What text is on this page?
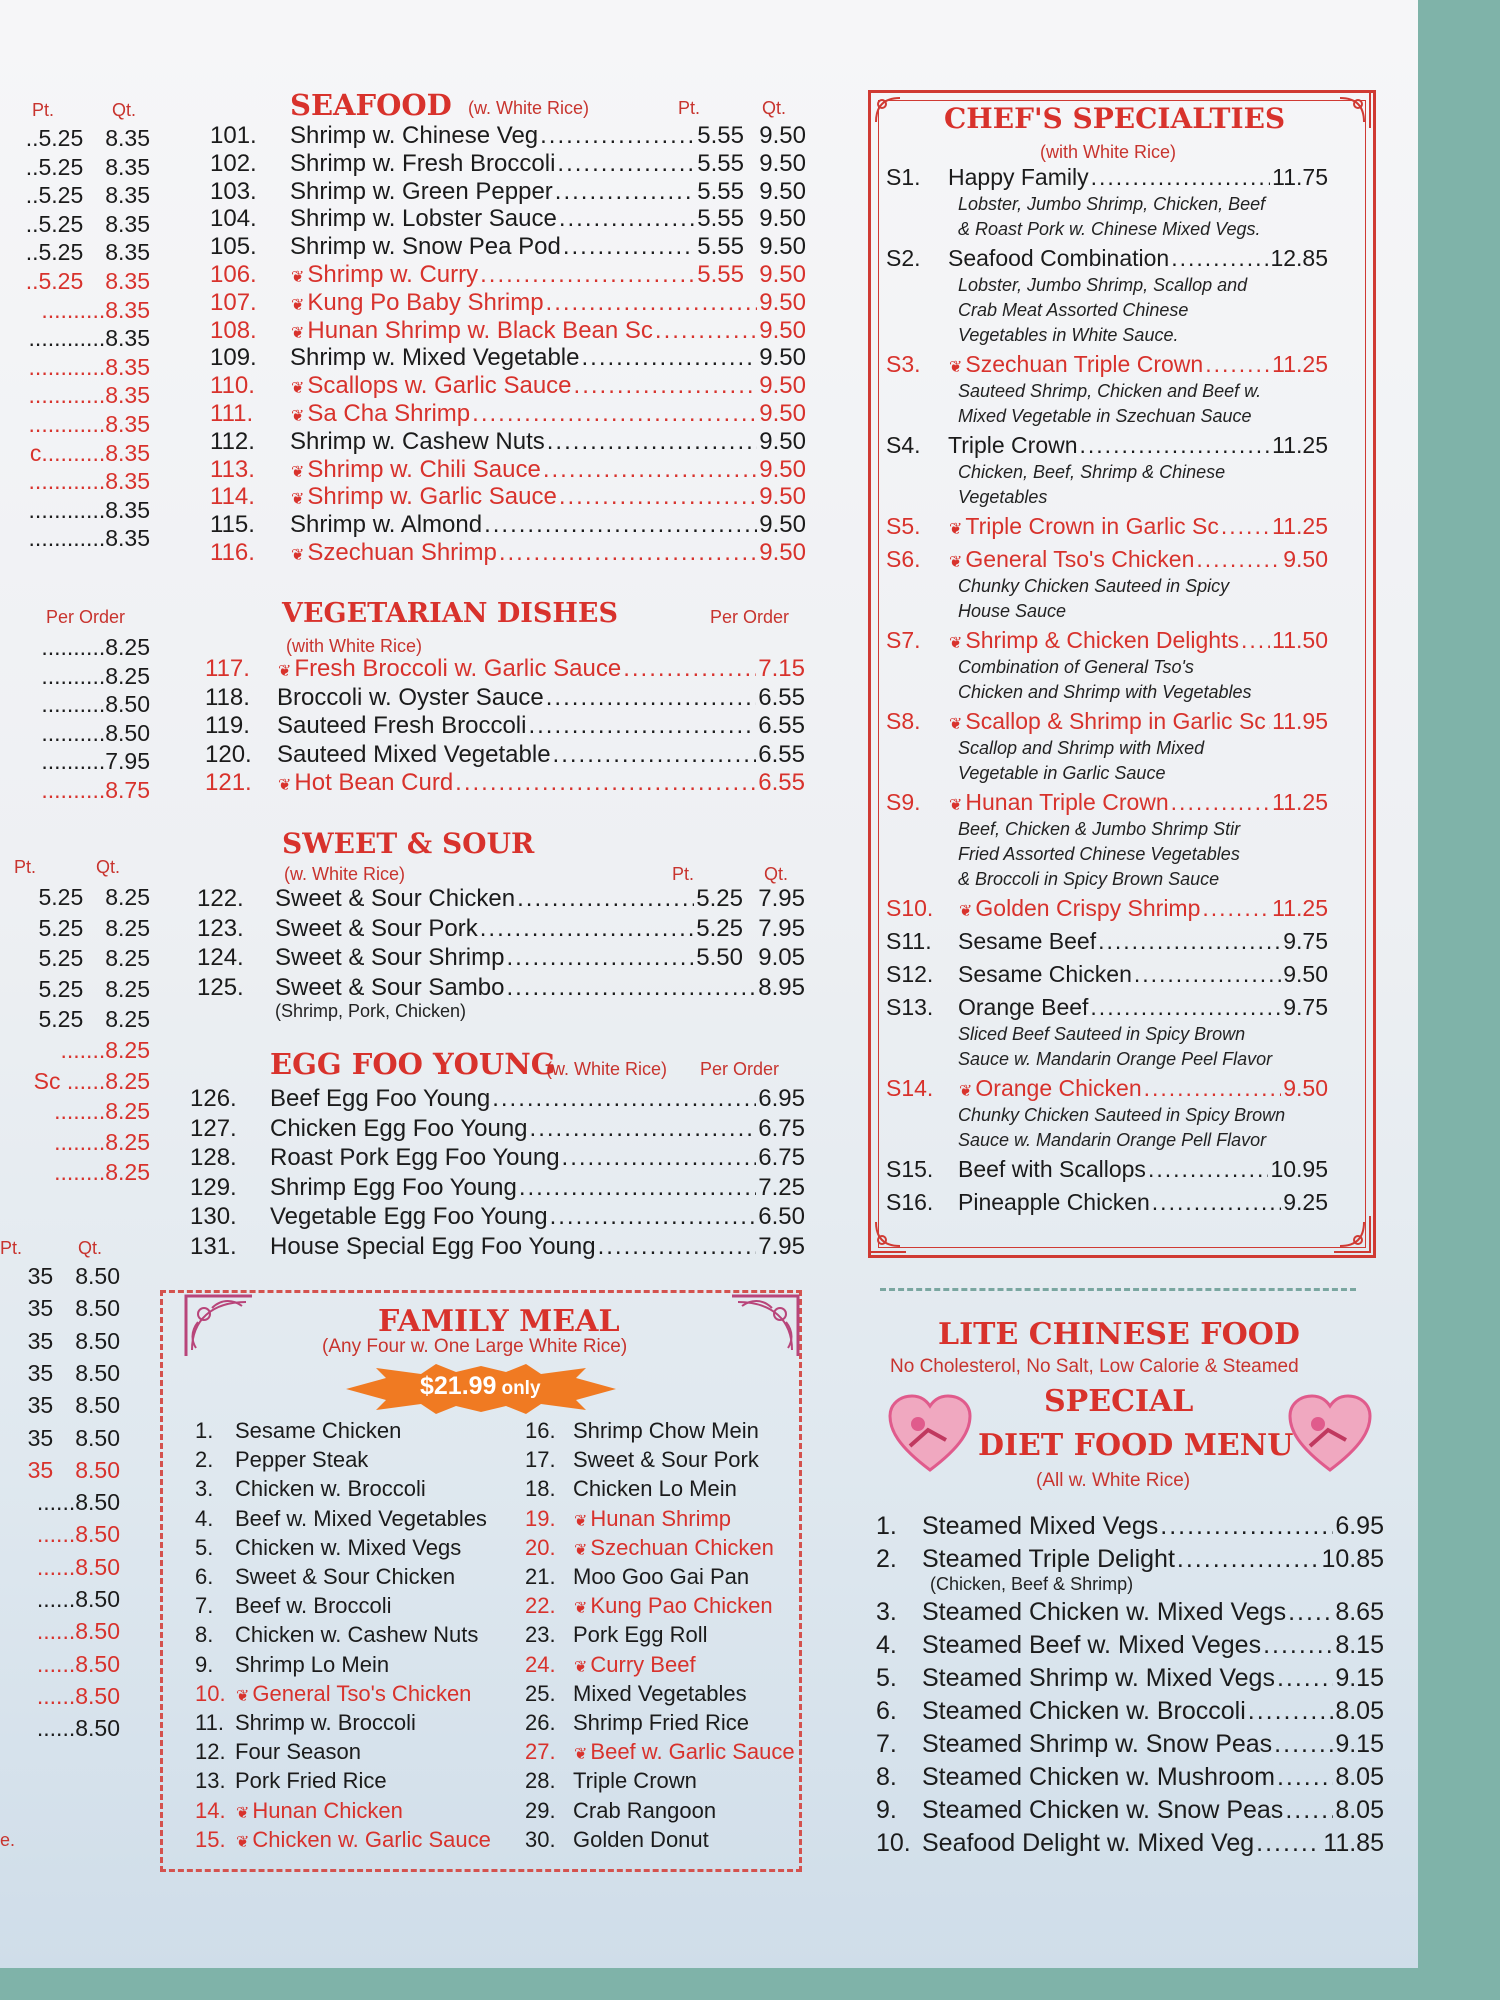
Pt.	Qt.
..5.25 8.35
..5.25 8.35
..5.25 8.35
..5.25 8.35
..5.25 8.35
..5.25 8.35
..........8.35
............8.35
............8.35
............8.35
............8.35
c..........8.35
............8.35
............8.35
............8.35
Per Order
..........8.25
..........8.25
..........8.50
..........8.50
..........7.95
..........8.75
Pt.	Qt.
5.25 8.25
5.25 8.25
5.25 8.25
5.25 8.25
5.25 8.25
.......8.25
Sc ......8.25
........8.25
........8.25
........8.25
Pt.	Qt.
35 8.50
35 8.50
35 8.50
35 8.50
35 8.50
35 8.50
35 8.50
......8.50
......8.50
......8.50
......8.50
......8.50
......8.50
......8.50
......8.50
e.
SEAFOOD (w. White Rice)	Pt.	Qt.
101.	Shrimp w. Chinese Veg .....	5.55 9.50
102.	Shrimp w. Fresh Broccoli .....	5.55 9.50
103.	Shrimp w. Green Pepper .....	5.55 9.50
104.	Shrimp w. Lobster Sauce .....	5.55 9.50
105.	Shrimp w. Snow Pea Pod .....	5.55 9.50
106.	❦ Shrimp w. Curry .....	5.55 9.50
107.	❦ Kung Po Baby Shrimp .....	9.50
108.	❦ Hunan Shrimp w. Black Bean Sc .....	9.50
109.	Shrimp w. Mixed Vegetable .....	9.50
110.	❦ Scallops w. Garlic Sauce .....	9.50
111.	❦ Sa Cha Shrimp .....	9.50
112.	Shrimp w. Cashew Nuts .....	9.50
113.	❦ Shrimp w. Chili Sauce .....	9.50
114.	❦ Shrimp w. Garlic Sauce .....	9.50
115.	Shrimp w. Almond .....	9.50
116.	❦ Szechuan Shrimp .....	9.50
VEGETARIAN DISHES
(with White Rice)
Per Order
117.	❦ Fresh Broccoli w. Garlic Sauce .....	7.15
118.	Broccoli w. Oyster Sauce .....	6.55
119.	Sauteed Fresh Broccoli .....	6.55
120.	Sauteed Mixed Vegetable .....	6.55
121.	❦ Hot Bean Curd .....	6.55
SWEET & SOUR
(w. White Rice)	Pt.	Qt.
122.	Sweet & Sour Chicken .....	5.25 7.95
123.	Sweet & Sour Pork .....	5.25 7.95
124.	Sweet & Sour Shrimp .....	5.50 9.05
125.	Sweet & Sour Sambo .....	8.95
(Shrimp, Pork, Chicken)
EGG FOO YOUNG
(w. White Rice) Per Order
126.	Beef Egg Foo Young .....	6.95
127.	Chicken Egg Foo Young .....	6.75
128.	Roast Pork Egg Foo Young .....	6.75
129.	Shrimp Egg Foo Young .....	7.25
130.	Vegetable Egg Foo Young .....	6.50
131.	House Special Egg Foo Young .....	7.95
FAMILY MEAL
(Any Four w. One Large White Rice)
$21.99 only
1. Sesame Chicken
2. Pepper Steak
3. Chicken w. Broccoli
4. Beef w. Mixed Vegetables
5. Chicken w. Mixed Vegs
6. Sweet & Sour Chicken
7. Beef w. Broccoli
8. Chicken w. Cashew Nuts
9. Shrimp Lo Mein
10. ❦ General Tso's Chicken
11. Shrimp w. Broccoli
12. Four Season
13. Pork Fried Rice
14. ❦ Hunan Chicken
15. ❦ Chicken w. Garlic Sauce
16. Shrimp Chow Mein
17. Sweet & Sour Pork
18. Chicken Lo Mein
19. ❦ Hunan Shrimp
20. ❦ Szechuan Chicken
21. Moo Goo Gai Pan
22. ❦ Kung Pao Chicken
23. Pork Egg Roll
24. ❦ Curry Beef
25. Mixed Vegetables
26. Shrimp Fried Rice
27. ❦ Beef w. Garlic Sauce
28. Triple Crown
29. Crab Rangoon
30. Golden Donut
CHEF'S SPECIALTIES
(with White Rice)
S1.	Happy Family .....	11.75
Lobster, Jumbo Shrimp, Chicken, Beef
& Roast Pork w. Chinese Mixed Vegs.
S2.	Seafood Combination .....	12.85
Lobster, Jumbo Shrimp, Scallop and
Crab Meat Assorted Chinese
Vegetables in White Sauce.
S3.	❦ Szechuan Triple Crown .....	11.25
Sauteed Shrimp, Chicken and Beef w.
Mixed Vegetable in Szechuan Sauce
S4.	Triple Crown .....	11.25
Chicken, Beef, Shrimp & Chinese
Vegetables
S5.	❦ Triple Crown in Garlic Sc ..... 11.25
S6.	❦ General Tso's Chicken .....	9.50
Chunky Chicken Sauteed in Spicy
House Sauce
S7.	❦ Shrimp & Chicken Delights ..... 11.50
Combination of General Tso's
Chicken and Shrimp with Vegetables
S8.	❦ Scallop & Shrimp in Garlic Sc ..... 11.95
Scallop and Shrimp with Mixed
Vegetable in Garlic Sauce
S9.	❦ Hunan Triple Crown .....	11.25
Beef, Chicken & Jumbo Shrimp Stir
Fried Assorted Chinese Vegetables
& Broccoli in Spicy Brown Sauce
S10.	❦ Golden Crispy Shrimp .....	11.25
S11.	Sesame Beef .....	9.75
S12.	Sesame Chicken .....	9.50
S13.	Orange Beef .....	9.75
Sliced Beef Sauteed in Spicy Brown
Sauce w. Mandarin Orange Peel Flavor
S14.	❦ Orange Chicken .....	9.50
Chunky Chicken Sauteed in Spicy Brown
Sauce w. Mandarin Orange Pell Flavor
S15.	Beef with Scallops .....	10.95
S16.	Pineapple Chicken .....	9.25
LITE CHINESE FOOD
No Cholesterol, No Salt, Low Calorie & Steamed
SPECIAL
DIET FOOD MENU
(All w. White Rice)
1.	Steamed Mixed Vegs .....	6.95
2.	Steamed Triple Delight .....	10.85
(Chicken, Beef & Shrimp)
3.	Steamed Chicken w. Mixed Vegs ..... 8.65
4.	Steamed Beef w. Mixed Veges .....	8.15
5.	Steamed Shrimp w. Mixed Vegs ..... 9.15
6.	Steamed Chicken w. Broccoli .....	8.05
7.	Steamed Shrimp w. Snow Peas .....	9.15
8.	Steamed Chicken w. Mushroom ..... 8.05
9.	Steamed Chicken w. Snow Peas ..... 8.05
10. Seafood Delight w. Mixed Veg .....	11.85
